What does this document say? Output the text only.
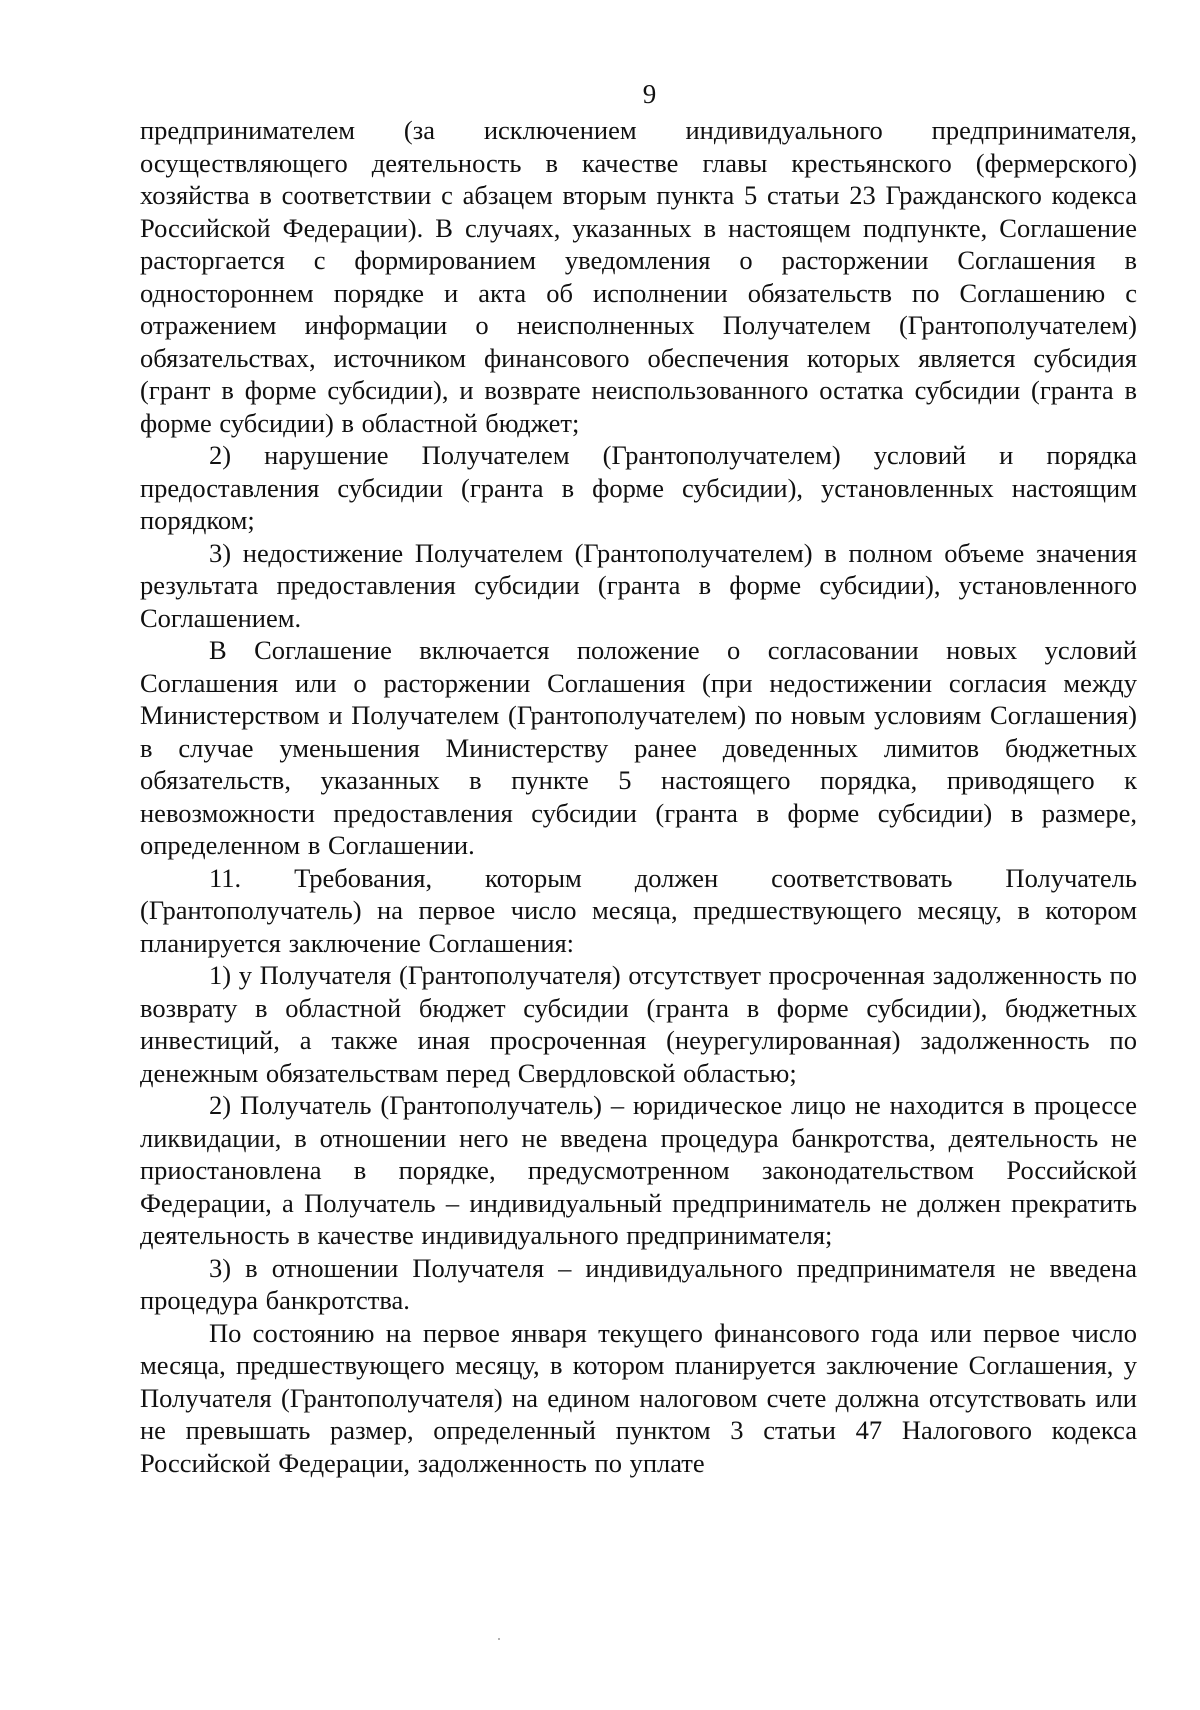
9

предпринимателем (за исключением индивидуального предпринимателя, осуществляющего деятельность в качестве главы крестьянского (фермерского) хозяйства в соответствии с абзацем вторым пункта 5 статьи 23 Гражданского кодекса Российской Федерации). В случаях, указанных в настоящем подпункте, Соглашение расторгается с формированием уведомления о расторжении Соглашения в одностороннем порядке и акта об исполнении обязательств по Соглашению с отражением информации о неисполненных Получателем (Грантополучателем) обязательствах, источником финансового обеспечения которых является субсидия (грант в форме субсидии), и возврате неиспользованного остатка субсидии (гранта в форме субсидии) в областной бюджет;

2) нарушение Получателем (Грантополучателем) условий и порядка предоставления субсидии (гранта в форме субсидии), установленных настоящим порядком;

3) недостижение Получателем (Грантополучателем) в полном объеме значения результата предоставления субсидии (гранта в форме субсидии), установленного Соглашением.

В Соглашение включается положение о согласовании новых условий Соглашения или о расторжении Соглашения (при недостижении согласия между Министерством и Получателем (Грантополучателем) по новым условиям Соглашения) в случае уменьшения Министерству ранее доведенных лимитов бюджетных обязательств, указанных в пункте 5 настоящего порядка, приводящего к невозможности предоставления субсидии (гранта в форме субсидии) в размере, определенном в Соглашении.

11. Требования, которым должен соответствовать Получатель (Грантополучатель) на первое число месяца, предшествующего месяцу, в котором планируется заключение Соглашения:

1) у Получателя (Грантополучателя) отсутствует просроченная задолженность по возврату в областной бюджет субсидии (гранта в форме субсидии), бюджетных инвестиций, а также иная просроченная (неурегулированная) задолженность по денежным обязательствам перед Свердловской областью;

2) Получатель (Грантополучатель) – юридическое лицо не находится в процессе ликвидации, в отношении него не введена процедура банкротства, деятельность не приостановлена в порядке, предусмотренном законодательством Российской Федерации, а Получатель – индивидуальный предприниматель не должен прекратить деятельность в качестве индивидуального предпринимателя;

3) в отношении Получателя – индивидуального предпринимателя не введена процедура банкротства.

По состоянию на первое января текущего финансового года или первое число месяца, предшествующего месяцу, в котором планируется заключение Соглашения, у Получателя (Грантополучателя) на едином налоговом счете должна отсутствовать или не превышать размер, определенный пунктом 3 статьи 47 Налогового кодекса Российской Федерации, задолженность по уплате
